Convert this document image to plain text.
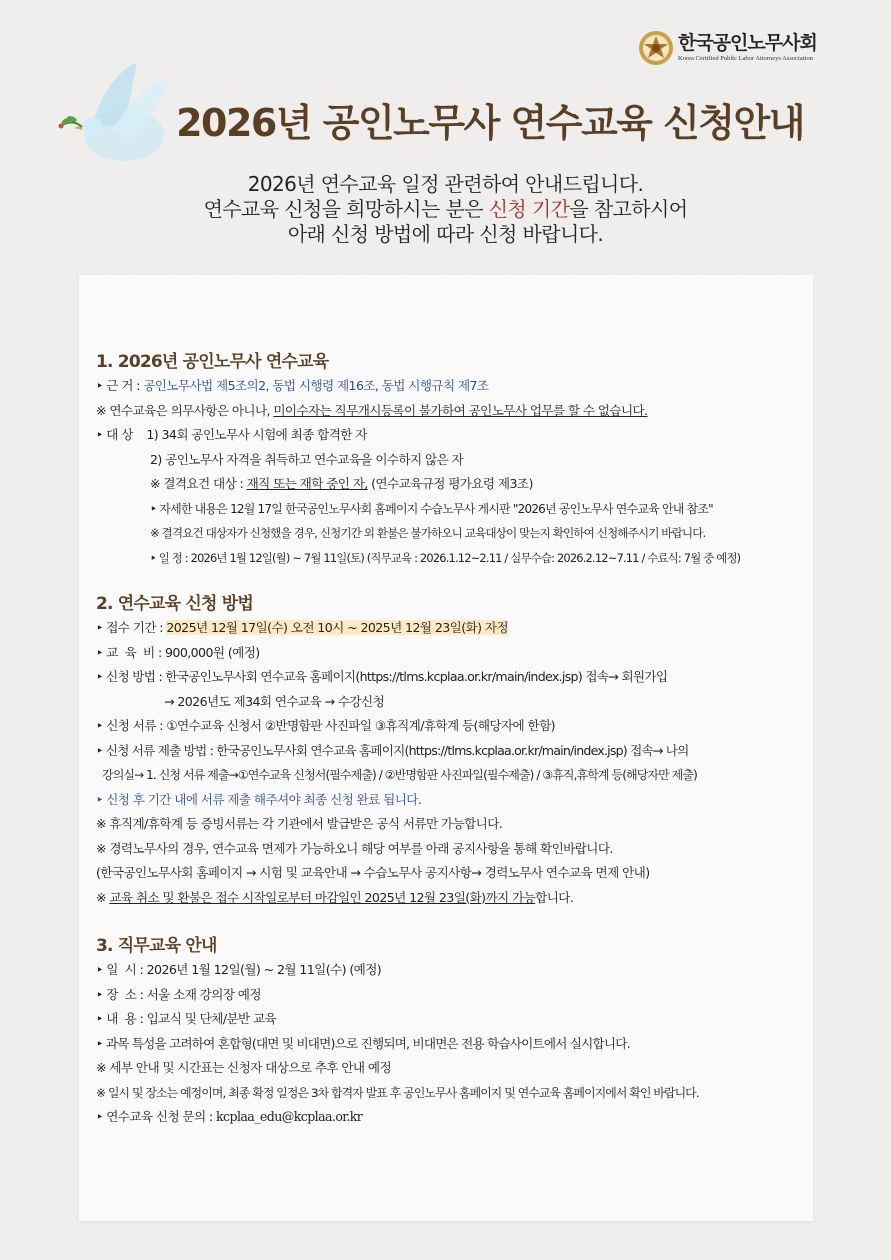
한국공인노무사회
Korea Certified Public Labor Attorneys Association
2026년 공인노무사 연수교육 신청안내
2026년 연수교육 일정 관련하여 안내드립니다.
연수교육 신청을 희망하시는 분은 신청 기간을 참고하시어
아래 신청 방법에 따라 신청 바랍니다.
1. 2026년 공인노무사 연수교육
‣ 근 거 : 공인노무사법 제5조의2, 동법 시행령 제16조, 동법 시행규칙 제7조
※ 연수교육은 의무사항은 아니나, 미이수자는 직무개시등록이 불가하여 공인노무사 업무를 할 수 없습니다.
‣ 대 상    1) 34회 공인노무사 시험에 최종 합격한 자
2) 공인노무사 자격을 취득하고 연수교육을 이수하지 않은 자
※ 결격요건 대상 : 재직 또는 재학 중인 자, (연수교육규정 평가요령 제3조)
‣ 자세한 내용은 12월 17일 한국공인노무사회 홈페이지 수습노무사 게시판 "2026년 공인노무사 연수교육 안내 참조"
※ 결격요건 대상자가 신청했을 경우, 신청기간 외 환불은 불가하오니 교육대상이 맞는지 확인하여 신청해주시기 바랍니다.
‣ 일 정 : 2026년 1월 12일(월) ~ 7월 11일(토) (직무교육 : 2026.1.12~2.11 / 실무수습: 2026.2.12~7.11 / 수료식: 7월 중 예정)
2. 연수교육 신청 방법
‣ 접수 기간 : 2025년 12월 17일(수) 오전 10시 ~ 2025년 12월 23일(화) 자정
‣ 교  육  비 : 900,000원 (예정)
‣ 신청 방법 : 한국공인노무사회 연수교육 홈페이지(https://tlms.kcplaa.or.kr/main/index.jsp) 접속→ 회원가입
→ 2026년도 제34회 연수교육 → 수강신청
‣ 신청 서류 : ①연수교육 신청서 ②반명함판 사진파일 ③휴직계/휴학계 등(해당자에 한함)
‣ 신청 서류 제출 방법 : 한국공인노무사회 연수교육 홈페이지(https://tlms.kcplaa.or.kr/main/index.jsp) 접속→ 나의
강의실→ 1. 신청 서류 제출→①연수교육 신청서(필수제출) / ②반명함판 사진파일(필수제출) / ③휴직,휴학계 등(해당자만 제출)
‣ 신청 후 기간 내에 서류 제출 해주셔야 최종 신청 완료 됩니다.
※ 휴직계/휴학계 등 증빙서류는 각 기관에서 발급받은 공식 서류만 가능합니다.
※ 경력노무사의 경우, 연수교육 면제가 가능하오니 해당 여부를 아래 공지사항을 통해 확인바랍니다.
(한국공인노무사회 홈페이지 → 시험 및 교육안내 → 수습노무사 공지사항→ 경력노무사 연수교육 면제 안내)
※ 교육 취소 및 환불은 접수 시작일로부터 마감일인 2025년 12월 23일(화)까지 가능합니다.
3. 직무교육 안내
‣ 일  시 : 2026년 1월 12일(월) ~ 2월 11일(수) (예정)
‣ 장  소 : 서울 소재 강의장 예정
‣ 내  용 : 입교식 및 단체/분반 교육
‣ 과목 특성을 고려하여 혼합형(대면 및 비대면)으로 진행되며, 비대면은 전용 학습사이트에서 실시합니다.
※ 세부 안내 및 시간표는 신청자 대상으로 추후 안내 예정
※ 일시 및 장소는 예정이며, 최종 확정 일정은 3차 합격자 발표 후 공인노무사 홈페이지 및 연수교육 홈페이지에서 확인 바랍니다.
‣ 연수교육 신청 문의 : kcplaa_edu@kcplaa.or.kr
